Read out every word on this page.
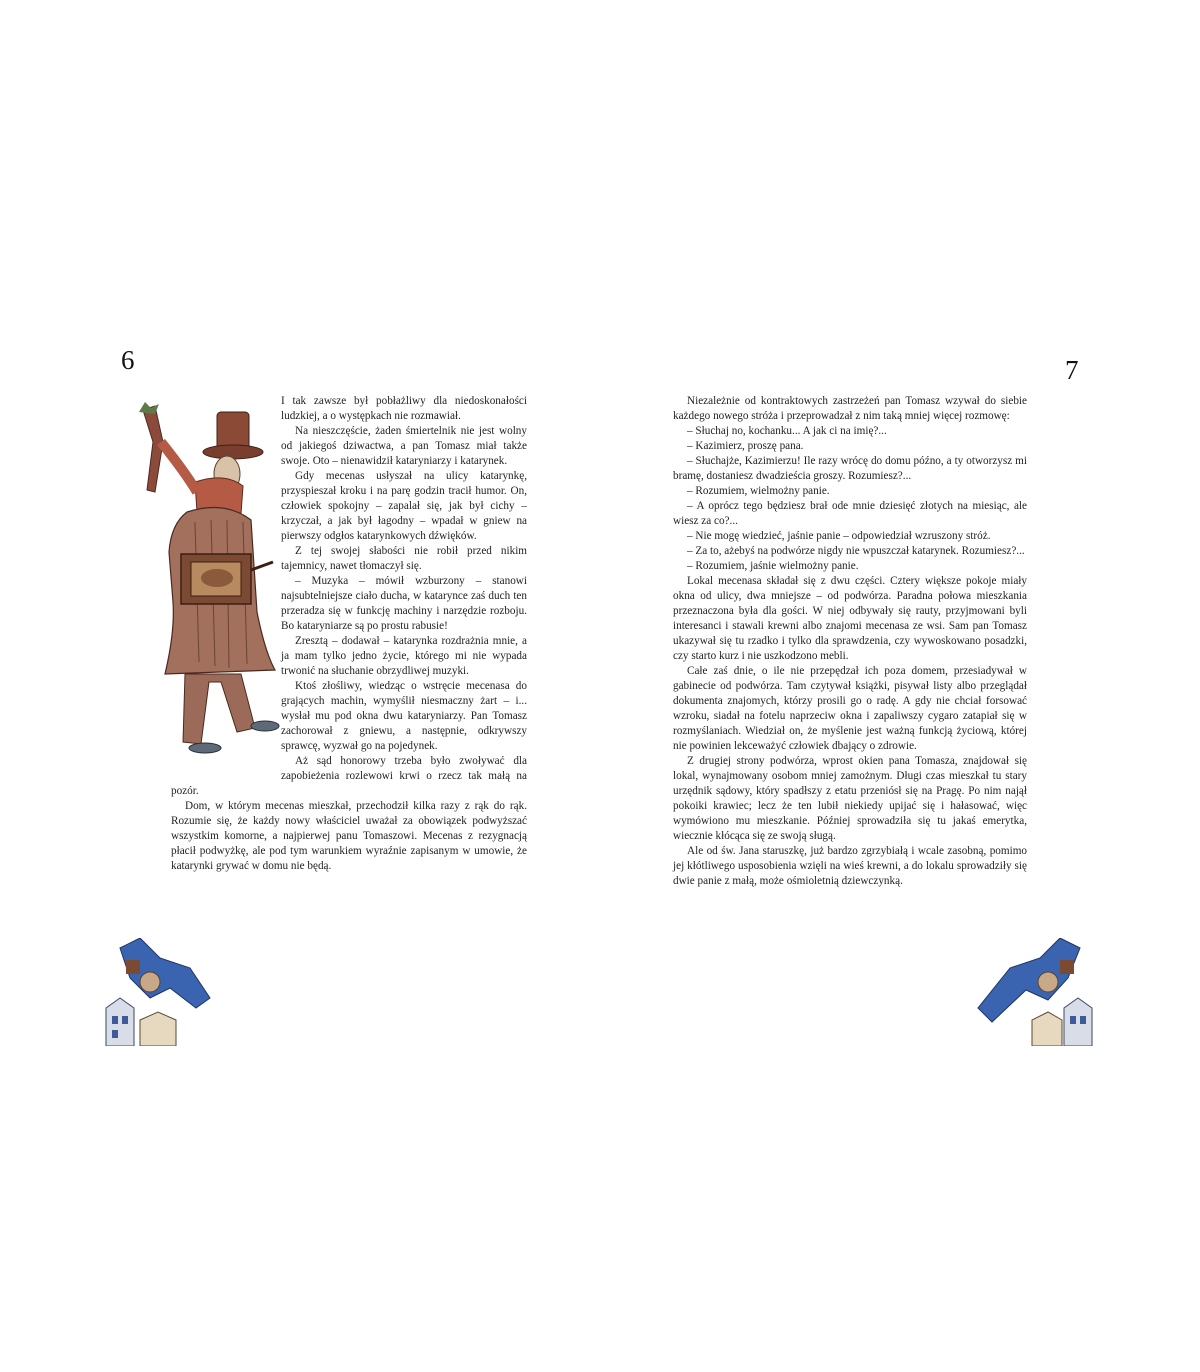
6	7

I tak zawsze był pobłażliwy dla niedoskonałości ludzkiej, a o występkach nie rozmawiał.

Na nieszczęście, żaden śmiertelnik nie jest wolny od jakiegoś dziwactwa, a pan Tomasz miał także swoje. Oto – nienawidził kataryniarzy i katarynek.

Gdy mecenas usłyszał na ulicy katarynkę, przyspieszał kroku i na parę godzin tracił humor. On, człowiek spokojny – zapalał się, jak był cichy – krzyczał, a jak był łagodny – wpadał w gniew na pierwszy odgłos katarynkowych dźwięków.

Z tej swojej słabości nie robił przed nikim tajemnicy, nawet tłomaczył się.

– Muzyka – mówił wzburzony – stanowi najsubtelniejsze ciało ducha, w katarynce zaś duch ten przeradza się w funkcję machiny i narzędzie rozboju. Bo kataryniarze są po prostu rabusie!

Zresztą – dodawał – katarynka rozdrażnia mnie, a ja mam tylko jedno życie, którego mi nie wypada trwonić na słuchanie obrzydliwej muzyki.

Ktoś złośliwy, wiedząc o wstręcie mecenasa do grających machin, wymyślił niesmaczny żart – i... wysłał mu pod okna dwu kataryniarzy. Pan Tomasz zachorował z gniewu, a następnie, odkrywszy sprawcę, wyzwał go na pojedynek.

Aż sąd honorowy trzeba było zwoływać dla zapobieżenia rozlewowi krwi o rzecz tak małą na pozór.

Dom, w którym mecenas mieszkał, przechodził kilka razy z rąk do rąk. Rozumie się, że każdy nowy właściciel uważał za obowiązek podwyższać wszystkim komorne, a najpierwej panu Tomaszowi. Mecenas z rezygnacją płacił podwyżkę, ale pod tym warunkiem wyraźnie zapisanym w umowie, że katarynki grywać w domu nie będą.

Niezależnie od kontraktowych zastrzeżeń pan Tomasz wzywał do siebie każdego nowego stróża i przeprowadzał z nim taką mniej więcej rozmowę:

– Słuchaj no, kochanku... A jak ci na imię?...

– Kazimierz, proszę pana.

– Słuchajże, Kazimierzu! Ile razy wrócę do domu późno, a ty otworzysz mi bramę, dostaniesz dwadzieścia groszy. Rozumiesz?...

– Rozumiem, wielmożny panie.

– A oprócz tego będziesz brał ode mnie dziesięć złotych na miesiąc, ale wiesz za co?...

– Nie mogę wiedzieć, jaśnie panie – odpowiedział wzruszony stróż.

– Za to, ażebyś na podwórze nigdy nie wpuszczał katarynek. Rozumiesz?...

– Rozumiem, jaśnie wielmożny panie.

Lokal mecenasa składał się z dwu części. Cztery większe pokoje miały okna od ulicy, dwa mniejsze – od podwórza. Paradna połowa mieszkania przeznaczona była dla gości. W niej odbywały się rauty, przyjmowani byli interesanci i stawali krewni albo znajomi mecenasa ze wsi. Sam pan Tomasz ukazywał się tu rzadko i tylko dla sprawdzenia, czy wywoskowano posadzki, czy starto kurz i nie uszkodzono mebli.

Całe zaś dnie, o ile nie przepędzał ich poza domem, przesiadywał w gabinecie od podwórza. Tam czytywał książki, pisywał listy albo przeglądał dokumenta znajomych, którzy prosili go o radę. A gdy nie chciał forsować wzroku, siadał na fotelu naprzeciw okna i zapaliwszy cygaro zatapiał się w rozmyślaniach. Wiedział on, że myślenie jest ważną funkcją życiową, której nie powinien lekceważyć człowiek dbający o zdrowie.

Z drugiej strony podwórza, wprost okien pana Tomasza, znajdował się lokal, wynajmowany osobom mniej zamożnym. Długi czas mieszkał tu stary urzędnik sądowy, który spadłszy z etatu przeniósł się na Pragę. Po nim najął pokoiki krawiec; lecz że ten lubił niekiedy upijać się i hałasować, więc wymówiono mu mieszkanie. Później sprowadziła się tu jakaś emerytka, wiecznie kłócąca się ze swoją sługą.

Ale od św. Jana staruszkę, już bardzo zgrzybiałą i wcale zasobną, pomimo jej kłótliwego usposobienia wzięli na wieś krewni, a do lokalu sprowadziły się dwie panie z małą, może ośmioletnią dziewczynką.
